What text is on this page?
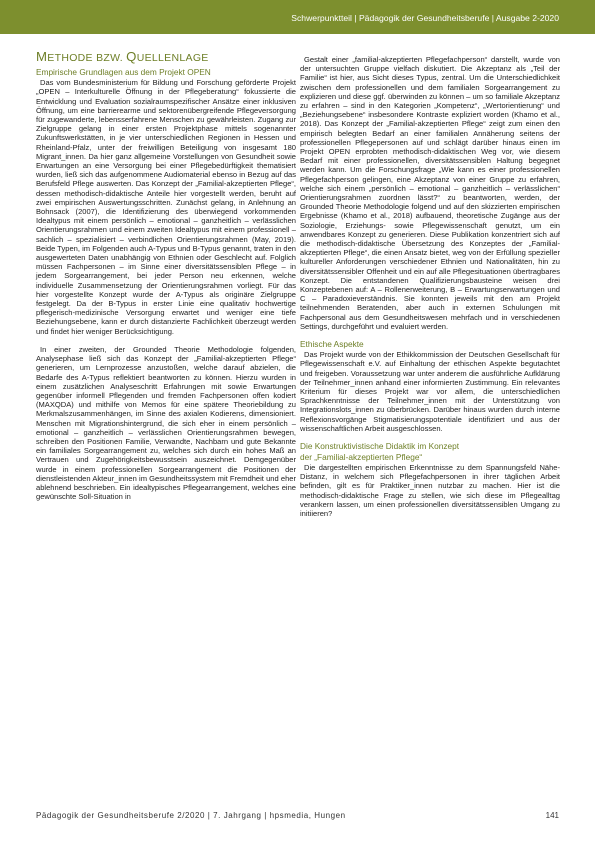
Schwerpunktteil | Pädagogik der Gesundheitsberufe | Ausgabe 2-2020
METHODE BZW. QUELLENLAGE
Empirische Grundlagen aus dem Projekt OPEN

Das vom Bundesministerium für Bildung und Forschung geförderte Projekt „OPEN – Interkulturelle Öffnung in der Pflegeberatung“ fokussierte die Entwicklung und Evaluation sozialraumspezifischer Ansätze einer inklusiven Öffnung, um eine barrierearme und sektorenübergreifende Pflegeversorgung für zugewanderte, lebensserfahrene Menschen zu gewährleisten. Zugang zur Zielgruppe gelang in einer ersten Projektphase mittels sogenannter Zukunftswerkstätten, in je vier unterschiedlichen Regionen in Hessen und Rheinland-Pfalz, unter der freiwilligen Beteiligung von insgesamt 180 Migrant_innen. Da hier ganz allgemeine Vorstellungen von Gesundheit sowie Erwartungen an eine Versorgung bei einer Pflegebedürftigkeit thematisiert wurden, ließ sich das aufgenommene Audiomaterial ebenso in Bezug auf das Berufsfeld Pflege auswerten. Das Konzept der „Familial-akzeptierten Pflege“, dessen methodisch-didaktische Anteile hier vorgestellt werden, beruht auf zwei empirischen Auswertungsschritten. Zunächst gelang, in Anlehnung an Bohnsack (2007), die Identifizierung des überwiegend vorkommenden Idealtypus mit einem persönlich – emotional – ganzheitlich – verlässlichen Orientierungsrahmen und einem zweiten Idealtypus mit einem professionell – sachlich – spezialisiert – verbindlichen Orientierungsrahmen (May, 2019). Beide Typen, im Folgenden auch A-Typus und B-Typus genannt, traten in den ausgewerteten Daten unabhängig von Ethnien oder Geschlecht auf. Folglich müssen Fachpersonen – im Sinne einer diversitätssensiblen Pflege – in jedem Sorgearrangement, bei jeder Person neu erkennen, welche individuelle Zusammensetzung der Orientierungsrahmen vorliegt. Für das hier vorgestellte Konzept wurde der A-Typus als originäre Zielgruppe festgelegt. Da der B-Typus in erster Linie eine qualitativ hochwertige pflegerisch-medizinische Versorgung erwartet und weniger eine tiefe Beziehungsebene, kann er durch distanzierte Fachlichkeit überzeugt werden und findet hier weniger Berücksichtigung.

In einer zweiten, der Grounded Theorie Methodologie folgenden, Analysephase ließ sich das Konzept der „Familial-akzeptierten Pflege“ generieren, um Lernprozesse anzustoßen, welche darauf abzielen, die Bedarfe des A-Typus reflektiert beantworten zu können. Hierzu wurden in einem zusätzlichen Analyseschritt Erfahrungen mit sowie Erwartungen gegenüber informell Pflegenden und fremden Fachpersonen offen kodiert (MAXQDA) und mithilfe von Memos für eine spätere Theoriebildung zu Merkmalszusammenhängen, im Sinne des axialen Kodierens, dimensioniert. Menschen mit Migrationshintergrund, die sich eher in einem persönlich – emotional – ganzheitlich – verlässlichen Orientierungsrahmen bewegen, schreiben den Positionen Familie, Verwandte, Nachbarn und gute Bekannte ein familiales Sorgearrangement zu, welches sich durch ein hohes Maß an Vertrauen und Zugehörigkeitsbewusstsein auszeichnet. Demgegenüber wurde in einem professionellen Sorgearrangement die Positionen der dienstleistenden Akteur_innen im Gesundheitssystem mit Fremdheit und eher ablehnend beschrieben. Ein idealtypisches Pflegearrangement, welches eine gewünschte Soll-Situation in

Gestalt einer „familial-akzeptierten Pflegefachperson“ darstellt, wurde von der untersuchten Gruppe vielfach diskutiert. Die Akzeptanz als „Teil der Familie“ ist hier, aus Sicht dieses Typus, zentral. Um die Unterschiedlichkeit zwischen dem professionellen und dem familialen Sorgearrangement zu explizieren und diese ggf. überwinden zu können – um so familiale Akzeptanz zu erfahren – sind in den Kategorien „Kompetenz“, „Wertorientierung“ und „Beziehungsebene“ insbesondere Kontraste expliziert worden (Khamo et al., 2018). Das Konzept der „Familial-akzeptierten Pflege“ zeigt zum einen den empirisch belegten Bedarf an einer familialen Annäherung seitens der professionellen Pflegepersonen auf und schlägt darüber hinaus einen im Projekt OPEN erprobten methodisch-didaktischen Weg vor, wie diesem Bedarf mit einer professionellen, diversitätssensiblen Haltung begegnet werden kann. Um die Forschungsfrage „Wie kann es einer professionellen Pflegefachperson gelingen, eine Akzeptanz von einer Gruppe zu erfahren, welche sich einem „persönlich – emotional – ganzheitlich – verlässlichen“ Orientierungsrahmen zuordnen lässt?“ zu beantworten, werden, der Grounded Theorie Methodologie folgend und auf den skizzierten empirischen Ergebnisse (Khamo et al., 2018) aufbauend, theoretische Zugänge aus der Soziologie, Erziehungs- sowie Pflegewissenschaft genutzt, um ein anwendbares Konzept zu generieren. Diese Publikation konzentriert sich auf die methodisch-didaktische Übersetzung des Konzeptes der „Familial-akzeptierten Pflege“, die einen Ansatz bietet, weg von der Erfüllung spezieller kultureller Anforderungen verschiedener Ethnien und Nationalitäten, hin zu diversitätssensibler Offenheit und ein auf alle Pflegesituationen übertragbares Konzept. Die entstandenen Qualifizierungsbausteine weisen drei Konzeptebenen auf: A – Rollenerweiterung, B – Erwartungserwartungen und C – Paradoxieverständnis. Sie konnten jeweils mit den am Projekt teilnehmenden Beratenden, aber auch in externen Schulungen mit Fachpersonal aus dem Gesundheitswesen mehrfach und in verschiedenen Settings, durchgeführt und evaluiert werden.

Ethische Aspekte

Das Projekt wurde von der Ethikkommission der Deutschen Gesellschaft für Pflegewissenschaft e.V. auf Einhaltung der ethischen Aspekte begutachtet und freigeben. Voraussetzung war unter anderem die ausführliche Aufklärung der Teilnehmer_innen anhand einer informierten Zustimmung. Ein relevantes Kriterium für dieses Projekt war vor allem, die unterschiedlichen Sprachkenntnisse der Teilnehmer_innen mit der Unterstützung von Integrationslots_innen zu überbrücken. Darüber hinaus wurden durch interne Reflexionsvorgänge Stigmatisierungspotentiale identifiziert und aus der wissenschaftlichen Arbeit ausgeschlossen.

Die Konstruktivistische Didaktik im Konzept
der „Familial-akzeptierten Pflege“

Die dargestellten empirischen Erkenntnisse zu dem Spannungsfeld Nähe-Distanz, in welchem sich Pflegefachpersonen in ihrer täglichen Arbeit befinden, gilt es für Praktiker_innen nutzbar zu machen. Hier ist die methodisch-didaktische Frage zu stellen, wie sich diese im Pflegealltag verankern lassen, um einen professionellen diversitätssensiblen Umgang zu initiieren?

Pädagogik der Gesundheitsberufe 2/2020 | 7. Jahrgang | hpsmedia, Hungen	141
